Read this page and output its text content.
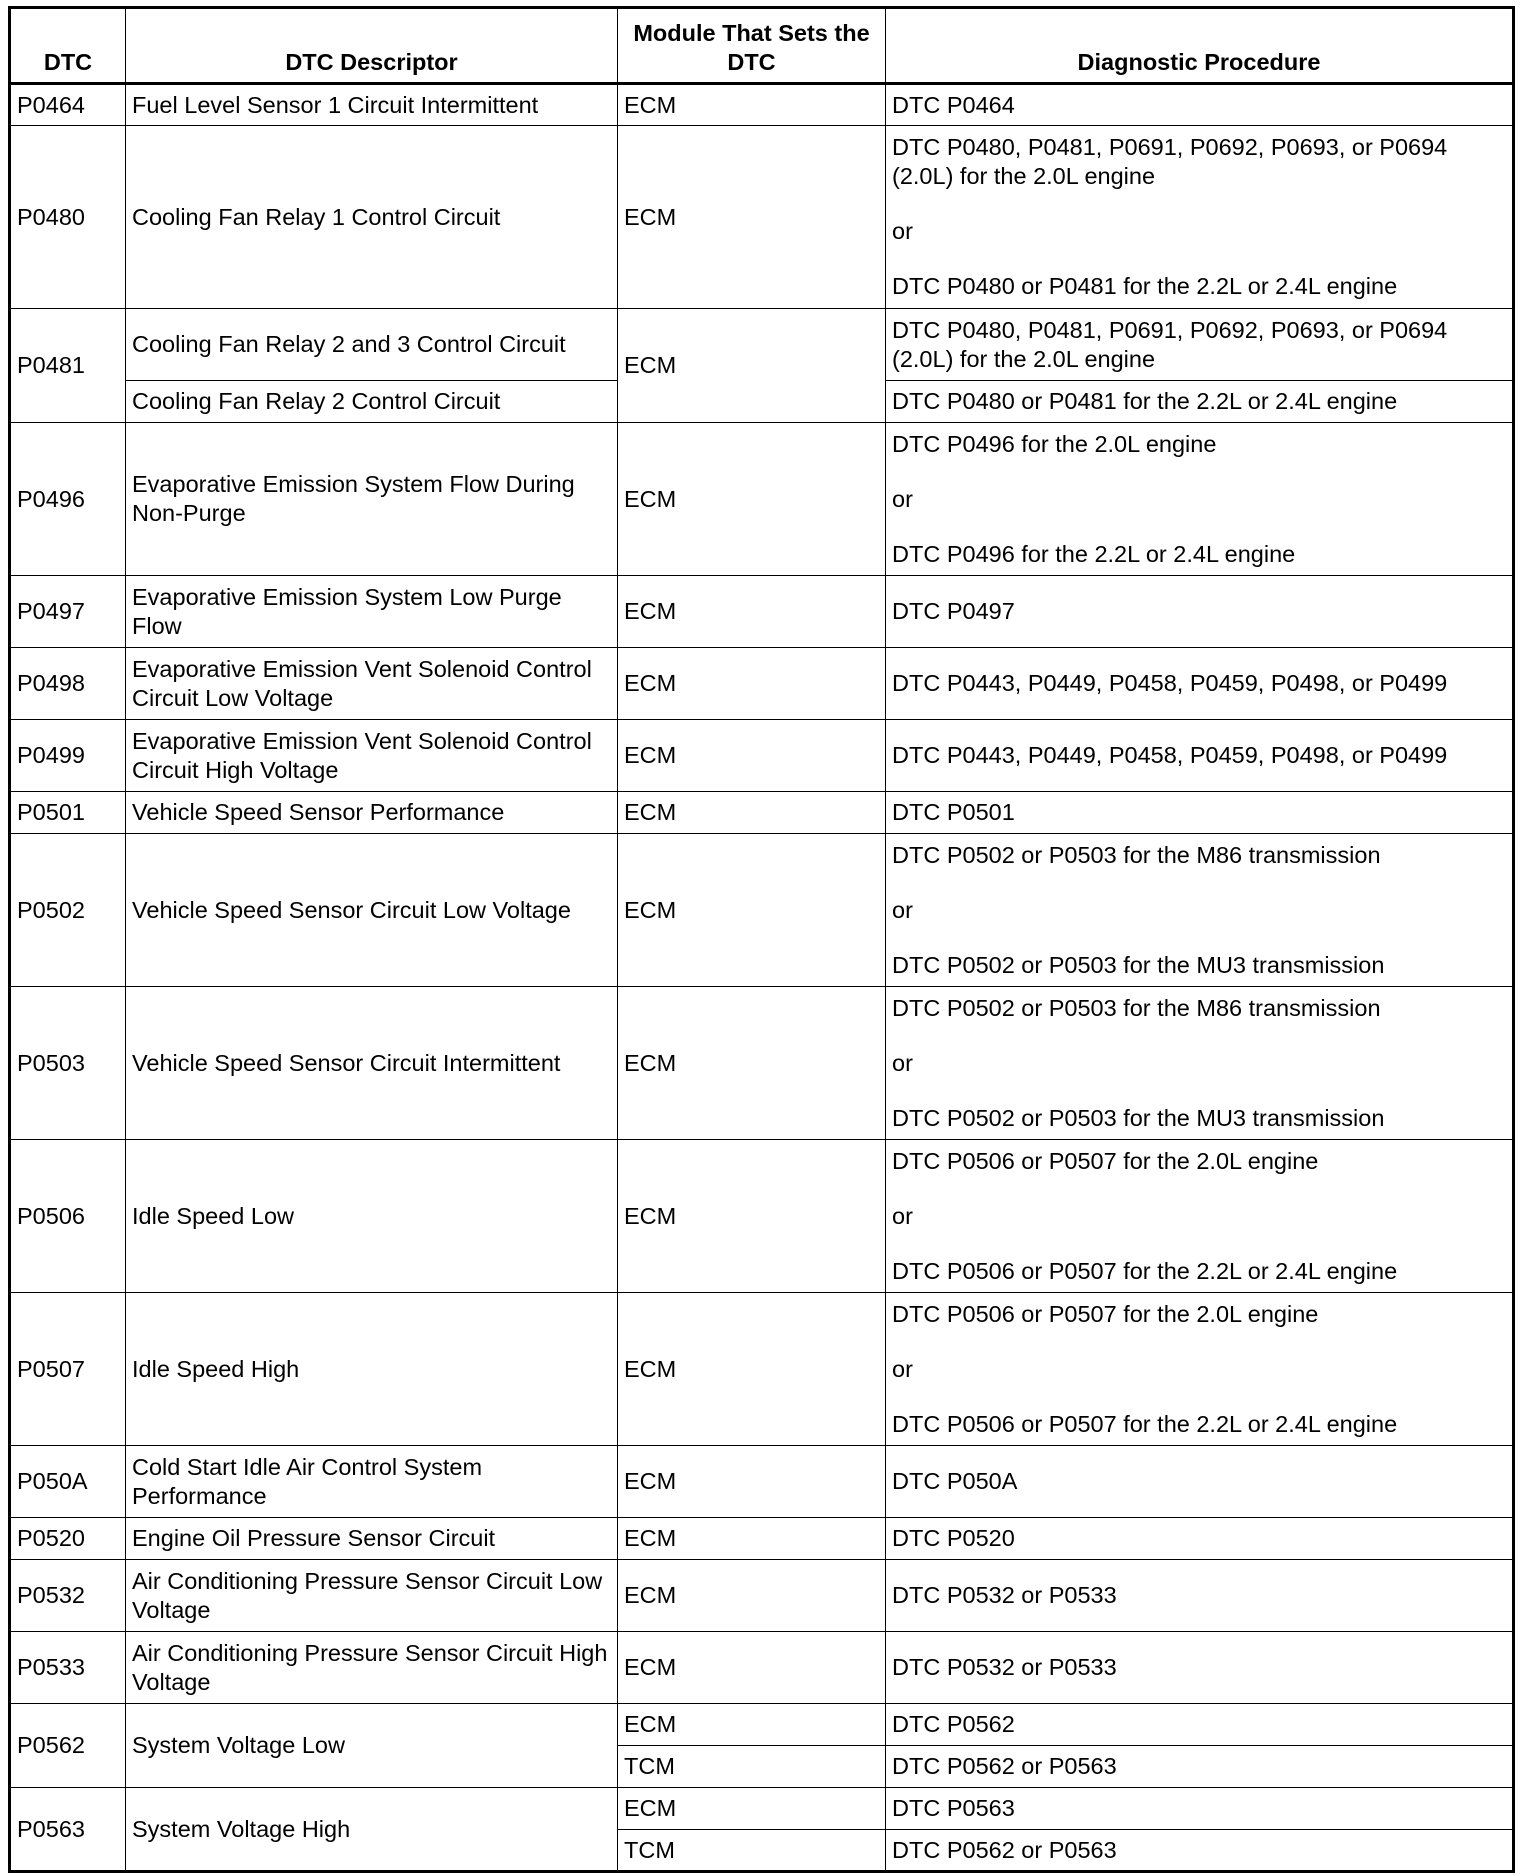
DTC	DTC Descriptor	Module That Sets the DTC	Diagnostic Procedure
P0464	Fuel Level Sensor 1 Circuit Intermittent	ECM	DTC P0464

P0480	Cooling Fan Relay 1 Control Circuit	ECM	DTC P0480, P0481, P0691, P0692, P0693, or P0694 (2.0L) for the 2.0L engine
or
DTC P0480 or P0481 for the 2.2L or 2.4L engine

P0481	Cooling Fan Relay 2 and 3 Control Circuit	ECM	DTC P0480, P0481, P0691, P0692, P0693, or P0694 (2.0L) for the 2.0L engine

	Cooling Fan Relay 2 Control Circuit		DTC P0480 or P0481 for the 2.2L or 2.4L engine

P0496	Evaporative Emission System Flow During Non-Purge	ECM	DTC P0496 for the 2.0L engine
or
DTC P0496 for the 2.2L or 2.4L engine

P0497	Evaporative Emission System Low Purge Flow	ECM	DTC P0497

P0498	Evaporative Emission Vent Solenoid Control Circuit Low Voltage	ECM	DTC P0443, P0449, P0458, P0459, P0498, or P0499

P0499	Evaporative Emission Vent Solenoid Control Circuit High Voltage	ECM	DTC P0443, P0449, P0458, P0459, P0498, or P0499

P0501	Vehicle Speed Sensor Performance	ECM	DTC P0501

P0502	Vehicle Speed Sensor Circuit Low Voltage	ECM	DTC P0502 or P0503 for the M86 transmission
or
DTC P0502 or P0503 for the MU3 transmission

P0503	Vehicle Speed Sensor Circuit Intermittent	ECM	DTC P0502 or P0503 for the M86 transmission
or
DTC P0502 or P0503 for the MU3 transmission

P0506	Idle Speed Low	ECM	DTC P0506 or P0507 for the 2.0L engine
or
DTC P0506 or P0507 for the 2.2L or 2.4L engine

P0507	Idle Speed High	ECM	DTC P0506 or P0507 for the 2.0L engine
or
DTC P0506 or P0507 for the 2.2L or 2.4L engine

P050A	Cold Start Idle Air Control System Performance	ECM	DTC P050A

P0520	Engine Oil Pressure Sensor Circuit	ECM	DTC P0520

P0532	Air Conditioning Pressure Sensor Circuit Low Voltage	ECM	DTC P0532 or P0533

P0533	Air Conditioning Pressure Sensor Circuit High Voltage	ECM	DTC P0532 or P0533

P0562	System Voltage Low	ECM	DTC P0562

		TCM	DTC P0562 or P0563

P0563	System Voltage High	ECM	DTC P0563

		TCM	DTC P0562 or P0563
